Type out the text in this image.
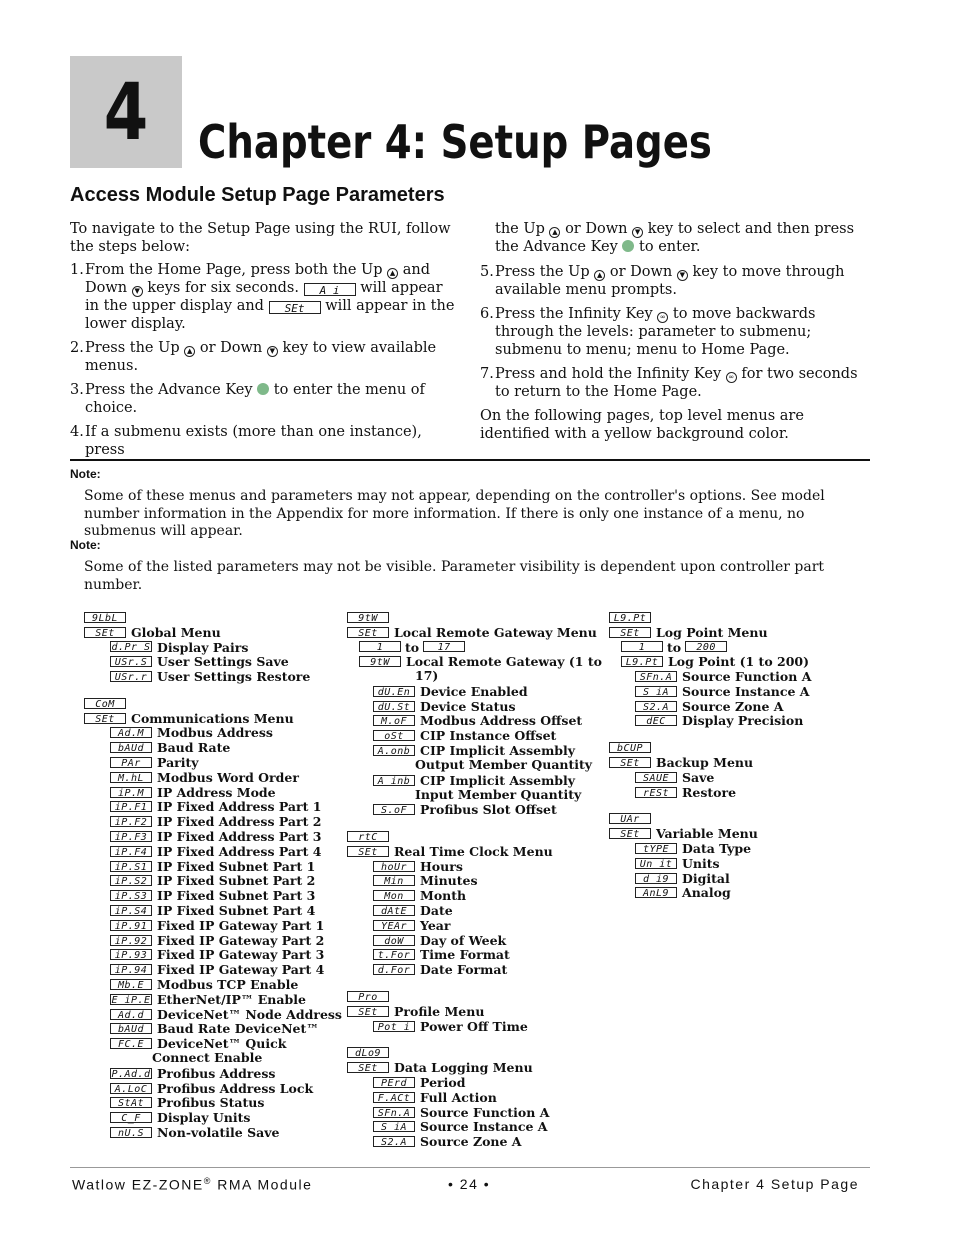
4	Chapter 4: Setup Pages
Access Module Setup Page Parameters

To navigate to the Setup Page using the RUI, follow the steps below:

1. From the Home Page, press both the Up ▲ and Down ▼ keys for six seconds. A i will appear in the upper display and SEt will appear in the lower display.
2. Press the Up ▲ or Down ▼ key to view available menus.
3. Press the Advance Key to enter the menu of choice.
4. If a submenu exists (more than one instance), press

the Up ▲ or Down ▼ key to select and then press the Advance Key to enter.

5. Press the Up ▲ or Down ▼ key to move through available menu prompts.
6. Press the Infinity Key ∞ to move backwards through the levels: parameter to submenu; submenu to menu; menu to Home Page.
7. Press and hold the Infinity Key ∞ for two seconds to return to the Home Page.

On the following pages, top level menus are identified with a yellow background color.

Note:
Some of these menus and parameters may not appear, depending on the controller's options. See model number information in the Appendix for more information. If there is only one instance of a menu, no submenus will appear.
Note:
Some of the listed parameters may not be visible. Parameter visibility is dependent upon controller part number.
9LbL
SEt	Global Menu
d.Pr S Display Pairs
USr.S User Settings Save
USr.r User Settings Restore
CoM
SEt	Communications Menu
Ad.M	Modbus Address
bAUd	Baud Rate
PAr	Parity
M.hL	Modbus Word Order
iP.M	IP Address Mode
iP.F1 IP Fixed Address Part 1
iP.F2 IP Fixed Address Part 2
iP.F3 IP Fixed Address Part 3
iP.F4 IP Fixed Address Part 4
iP.S1 IP Fixed Subnet Part 1
iP.S2 IP Fixed Subnet Part 2
iP.S3 IP Fixed Subnet Part 3
iP.S4 IP Fixed Subnet Part 4
iP.91 Fixed IP Gateway Part 1
iP.92 Fixed IP Gateway Part 2
iP.93 Fixed IP Gateway Part 3
iP.94 Fixed IP Gateway Part 4
Mb.E	Modbus TCP Enable
E iP.E EtherNet/IP™ Enable
Ad.d	DeviceNet™ Node Address
bAUd	Baud Rate DeviceNet™
FC.E	DeviceNet™ Quick
Connect Enable
P.Ad.d Profibus Address
A.LoC Profibus Address Lock
StAt	Profibus Status
C_F	Display Units
nU.S	Non-volatile Save
9tW
SEt	Local Remote Gateway Menu
1	to	17
9tW	Local Remote Gateway (1 to
17)
dU.En Device Enabled
dU.St Device Status
M.oF	Modbus Address Offset
oSt	CIP Instance Offset
A.onb CIP Implicit Assembly
Output Member Quantity
A inb CIP Implicit Assembly
Input Member Quantity
S.oF	Profibus Slot Offset
rtC
SEt	Real Time Clock Menu
hoUr	Hours
Min	Minutes
Mon	Month
dAtE	Date
YEAr	Year
doW	Day of Week
t.For Time Format
d.For Date Format
Pro
SEt	Profile Menu
Pot i Power Off Time
dLo9
SEt	Data Logging Menu
PErd	Period
F.ACt Full Action
SFn.A Source Function A
S iA	Source Instance A
S2.A	Source Zone A
L9.Pt
SEt	Log Point Menu
1	to	200
L9.Pt Log Point (1 to 200)
SFn.A Source Function A
S iA	Source Instance A
S2.A	Source Zone A
dEC	Display Precision
bCUP
SEt	Backup Menu
SAUE	Save
rESt	Restore
UAr
SEt	Variable Menu
tYPE	Data Type
Un it Units
d i9	Digital
AnL9	Analog
Watlow EZ-ZONE® RMA Module	• 24 •	Chapter 4 Setup Page
